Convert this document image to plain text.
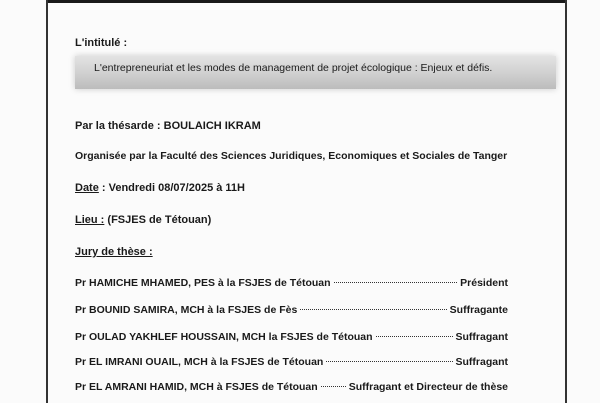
L'intitulé :
L'entrepreneuriat et les modes de management de projet écologique : Enjeux et défis.
Par la thésarde : BOULAICH IKRAM
Organisée par la Faculté des Sciences Juridiques, Economiques et Sociales de Tanger
Date : Vendredi 08/07/2025 à 11H
Lieu : (FSJES de Tétouan)
Jury de thèse :
Pr HAMICHE MHAMED, PES à la FSJES de Tétouan	Président
Pr BOUNID SAMIRA, MCH à la FSJES de Fès	Suffragante
Pr OULAD YAKHLEF HOUSSAIN, MCH la FSJES de Tétouan	Suffragant
Pr EL IMRANI OUAIL, MCH à la FSJES de Tétouan	Suffragant
Pr EL AMRANI HAMID, MCH à FSJES de Tétouan	Suffragant et Directeur de thèse
